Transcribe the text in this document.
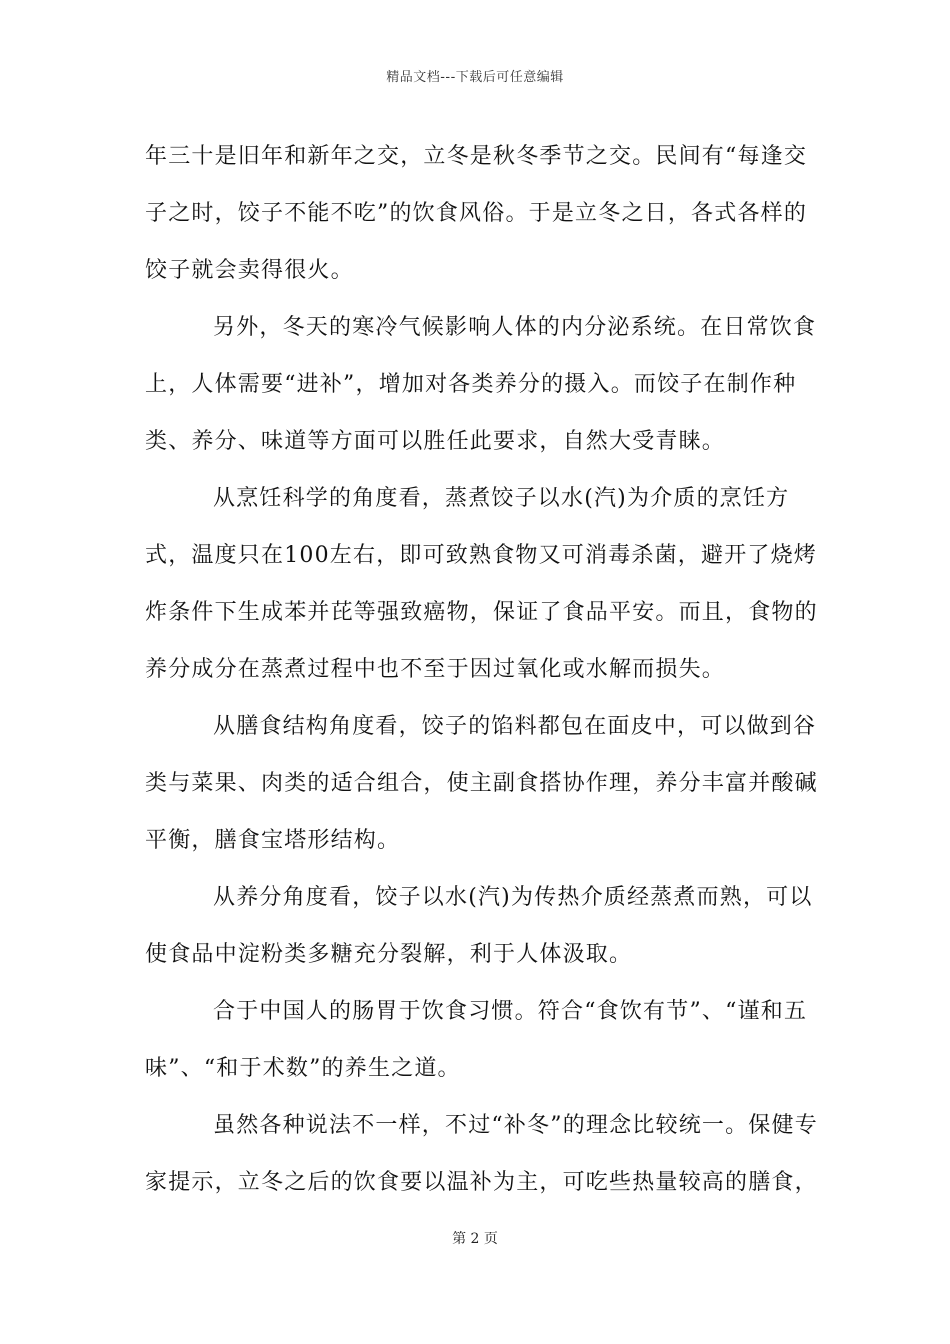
精品文档---下载后可任意编辑

年三十是旧年和新年之交，立冬是秋冬季节之交。民间有“每逢交子之时，饺子不能不吃”的饮食风俗。于是立冬之日，各式各样的饺子就会卖得很火。

另外，冬天的寒冷气候影响人体的内分泌系统。在日常饮食上，人体需要“进补”，增加对各类养分的摄入。而饺子在制作种类、养分、味道等方面可以胜任此要求，自然大受青睐。

从烹饪科学的角度看，蒸煮饺子以水(汽)为介质的烹饪方式，温度只在100左右，即可致熟食物又可消毒杀菌，避开了烧烤炸条件下生成苯并芘等强致癌物，保证了食品平安。而且，食物的养分成分在蒸煮过程中也不至于因过氧化或水解而损失。

从膳食结构角度看，饺子的馅料都包在面皮中，可以做到谷类与菜果、肉类的适合组合，使主副食搭协作理，养分丰富并酸碱平衡，膳食宝塔形结构。

从养分角度看，饺子以水(汽)为传热介质经蒸煮而熟，可以使食品中淀粉类多糖充分裂解，利于人体汲取。

合于中国人的肠胃于饮食习惯。符合“食饮有节”、“谨和五味”、“和于术数”的养生之道。

虽然各种说法不一样，不过“补冬”的理念比较统一。保健专家提示，立冬之后的饮食要以温补为主，可吃些热量较高的膳食，

第 2 页
